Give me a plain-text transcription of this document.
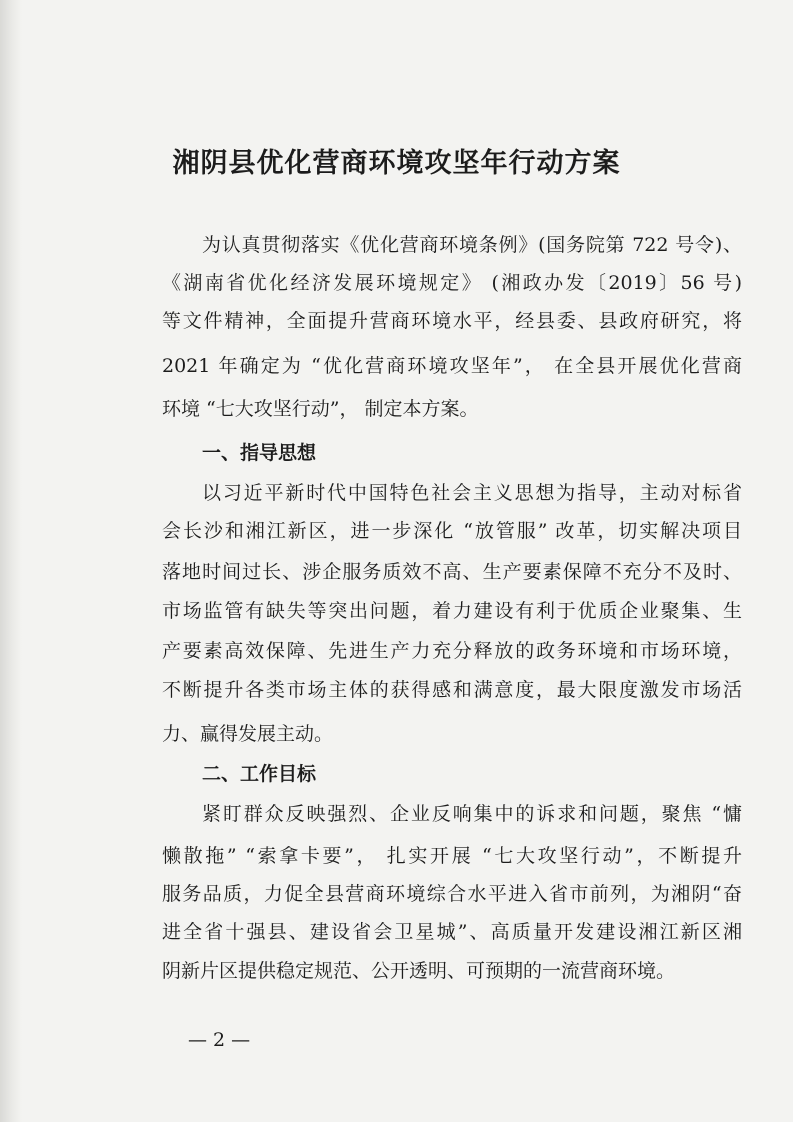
湘阴县优化营商环境攻坚年行动方案
为认真贯彻落实《优化营商环境条例》(国务院第 722 号令)、
《湖南省优化经济发展环境规定》 (湘政办发〔2019〕56 号)
等文件精神，全面提升营商环境水平，经县委、县政府研究，将
2021 年确定为 “优化营商环境攻坚年”， 在全县开展优化营商
环境 “七大攻坚行动”， 制定本方案。
一、指导思想
以习近平新时代中国特色社会主义思想为指导，主动对标省
会长沙和湘江新区，进一步深化 “放管服” 改革，切实解决项目
落地时间过长、涉企服务质效不高、生产要素保障不充分不及时、
市场监管有缺失等突出问题，着力建设有利于优质企业聚集、生
产要素高效保障、先进生产力充分释放的政务环境和市场环境，
不断提升各类市场主体的获得感和满意度，最大限度激发市场活
力、赢得发展主动。
二、工作目标
紧盯群众反映强烈、企业反响集中的诉求和问题，聚焦 “慵
懒散拖” “索拿卡要”， 扎实开展 “七大攻坚行动”，不断提升
服务品质，力促全县营商环境综合水平进入省市前列，为湘阴“奋
进全省十强县、建设省会卫星城”、高质量开发建设湘江新区湘
阴新片区提供稳定规范、公开透明、可预期的一流营商环境。
— 2 —
